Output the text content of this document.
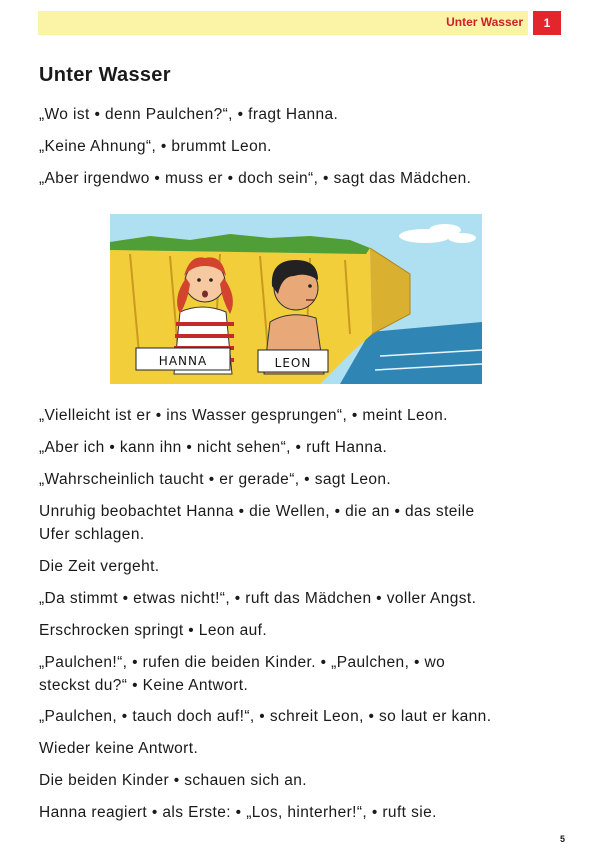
Unter Wasser	1
Unter Wasser

„Wo ist • denn Paulchen?“, • fragt Hanna.

„Keine Ahnung“, • brummt Leon.

„Aber irgendwo • muss er • doch sein“, • sagt das Mädchen.

HANNA	LEON

„Vielleicht ist er • ins Wasser gesprungen“, • meint Leon.

„Aber ich • kann ihn • nicht sehen“, • ruft Hanna.

„Wahrscheinlich taucht • er gerade“, • sagt Leon.

Unruhig beobachtet Hanna • die Wellen, • die an • das steile

Ufer schlagen.

Die Zeit vergeht.

„Da stimmt • etwas nicht!“, • ruft das Mädchen • voller Angst.

Erschrocken springt • Leon auf.

„Paulchen!“, • rufen die beiden Kinder. • „Paulchen, • wo

steckst du?“ • Keine Antwort.

„Paulchen, • tauch doch auf!“, • schreit Leon, • so laut er kann.

Wieder keine Antwort.

Die beiden Kinder • schauen sich an.

Hanna reagiert • als Erste: • „Los, hinterher!“, • ruft sie.

5
